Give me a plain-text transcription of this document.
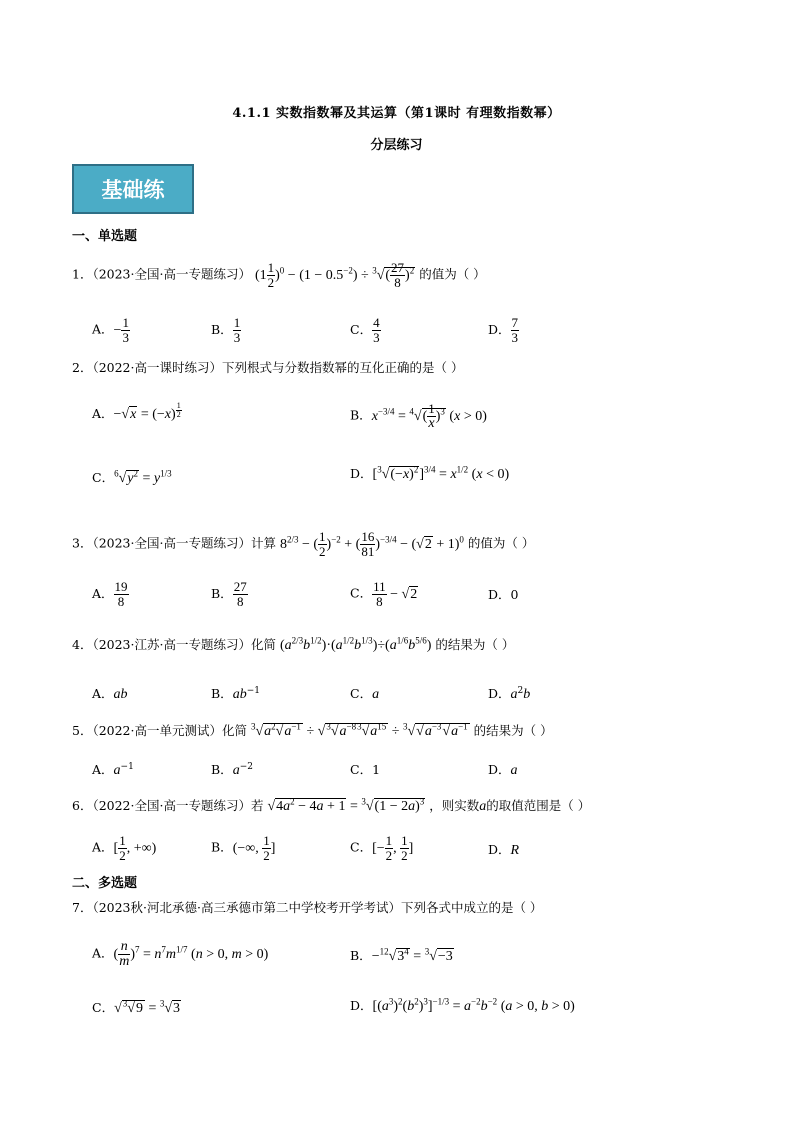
4.1.1 实数指数幂及其运算（第1课时 有理数指数幂）
分层练习
基础练
一、单选题
1．（2023·全国·高一专题练习） $(1 \frac{1}{2} )^0 - (1 - 0.5^{-2}) \div ^3√( \frac{27}{8} )^2$ 的值为（ ）
A．− $\frac{1}{3}$	B． $\frac{1}{3}$	C． $\frac{4}{3}$	D． $\frac{7}{3}$
2．（2022·高一课时练习）下列根式与分数指数幂的互化正确的是（ ）
A．−√x = (−x) $^{\frac{1}{2}}$	B．$x^{-3/4} = ^4√( \frac{1}{x} )^3$ (x > 0)
C．$^6√y^2 = y^{1/3}$	D．$[^3√(-x)^2]^{3/4} = x^{1/2}$ (x < 0)
3．（2023·全国·高一专题练习）计算 $8^{2/3}$ − ( $\frac{1}{2} )^{-2}$ + ( $\frac{16}{81} )^{-3/4} - (√2 + 1)^0$ 的值为（ ）
A． $\frac{19}{8}$	B． $\frac{27}{8}$	C． $\frac{11}{8} - √2$	D．0
4．（2023·江苏·高一专题练习）化简 $(a^{2/3}b^{1/2})\cdot(a^{1/2}b^{1/3})\div(a^{1/6}b^{5/6})$ 的结果为（ ）
A．ab	B．$ab^{-1}$	C．a	D．$a^2b$
5．（2022·高一单元测试）化简 $^3√a^2√a^{-1} \div √^3√a^{-83}√a^{15} \div ^3√√a^{-3}√a^{-1}$ 的结果为（ ）
A．$a^{-1}$	B．$a^{-2}$	C．1	D．a
6．（2022·全国·高一专题练习）若 $√4a^2 - 4a + 1 = ^3√(1 - 2a)^3$ ，则实数a的取值范围是（ ）
A．[ $\frac{1}{2}$ , +∞)	B．(−∞, $\frac{1}{2}$ ]	C．[− $\frac{1}{2}$ , $\frac{1}{2}$ ]	D．R
二、多选题
7．（2023秋·河北承德·高三承德市第二中学校考开学考试）下列各式中成立的是（ ）
A．( $\frac{n}{m} )^7 = n^7m^{1/7}$ (n > 0, m > 0)	B．$-^{12}√3^4 = ^3√-3$
C．√$^3$√9 = $^3$√3	D．$[(a^3)^2(b^2)^3]^{-1/3} = a^{-2}b^{-2}$ (a > 0, b > 0)
